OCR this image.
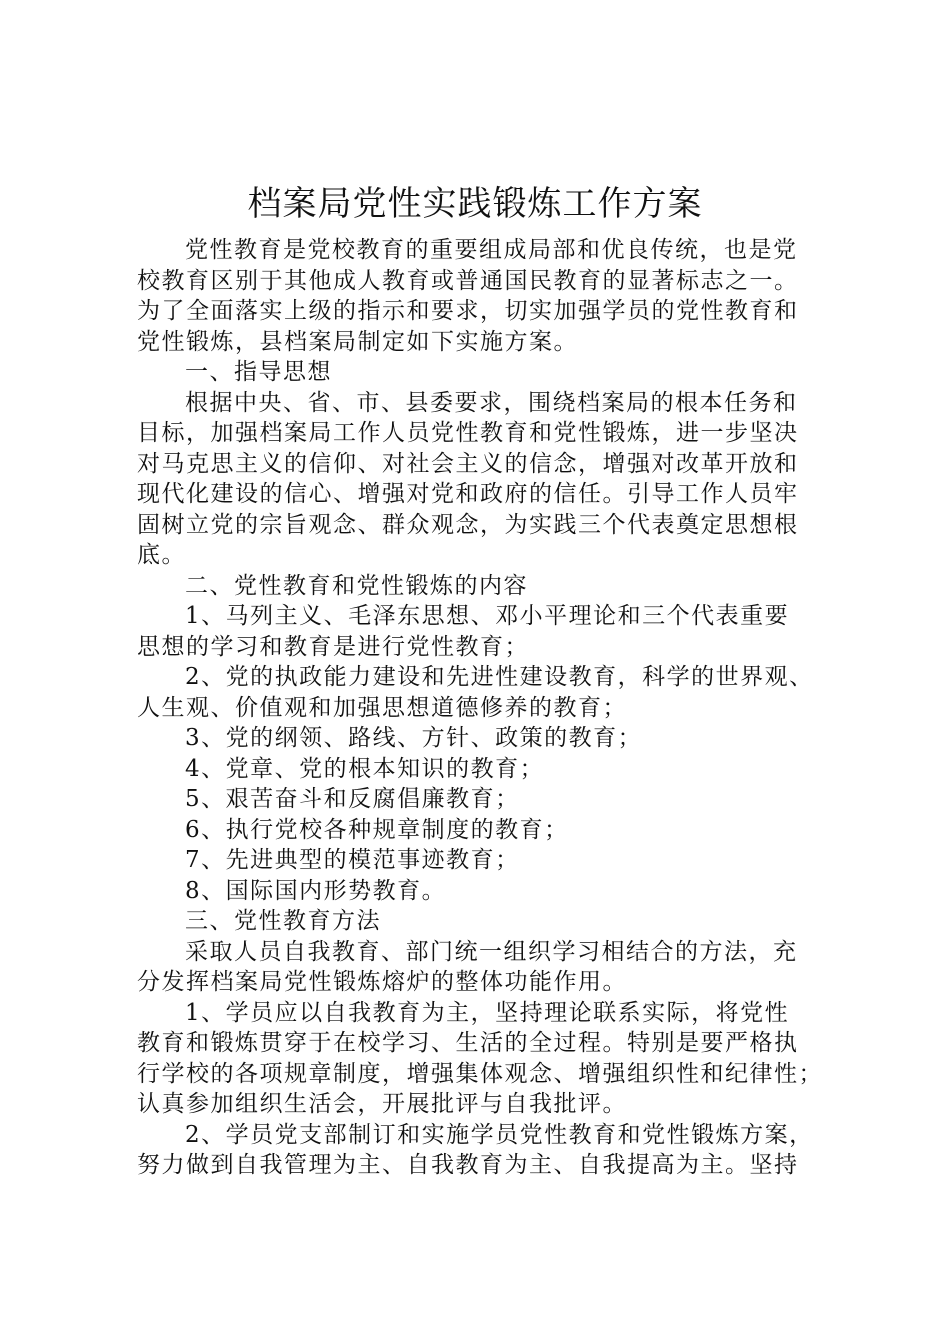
档案局党性实践锻炼工作方案
党性教育是党校教育的重要组成局部和优良传统，也是党
校教育区别于其他成人教育或普通国民教育的显著标志之一。
为了全面落实上级的指示和要求，切实加强学员的党性教育和
党性锻炼，县档案局制定如下实施方案。
一、指导思想
根据中央、省、市、县委要求，围绕档案局的根本任务和
目标，加强档案局工作人员党性教育和党性锻炼，进一步坚决
对马克思主义的信仰、对社会主义的信念，增强对改革开放和
现代化建设的信心、增强对党和政府的信任。引导工作人员牢
固树立党的宗旨观念、群众观念，为实践三个代表奠定思想根
底。
二、党性教育和党性锻炼的内容
1、马列主义、毛泽东思想、邓小平理论和三个代表重要
思想的学习和教育是进行党性教育；
2、党的执政能力建设和先进性建设教育，科学的世界观、
人生观、价值观和加强思想道德修养的教育；
3、党的纲领、路线、方针、政策的教育；
4、党章、党的根本知识的教育；
5、艰苦奋斗和反腐倡廉教育；
6、执行党校各种规章制度的教育；
7、先进典型的模范事迹教育；
8、国际国内形势教育。
三、党性教育方法
采取人员自我教育、部门统一组织学习相结合的方法，充
分发挥档案局党性锻炼熔炉的整体功能作用。
1、学员应以自我教育为主，坚持理论联系实际，将党性
教育和锻炼贯穿于在校学习、生活的全过程。特别是要严格执
行学校的各项规章制度，增强集体观念、增强组织性和纪律性；
认真参加组织生活会，开展批评与自我批评。
2、学员党支部制订和实施学员党性教育和党性锻炼方案，
努力做到自我管理为主、自我教育为主、自我提高为主。坚持
